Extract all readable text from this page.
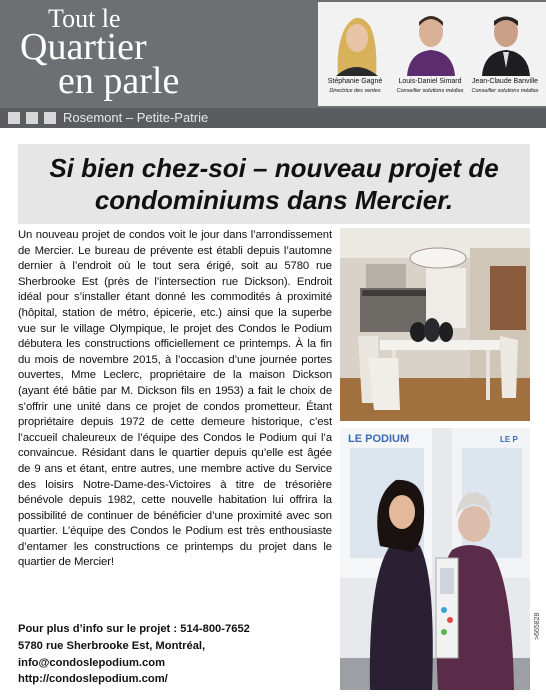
Tout le
Quartier
en parle	Stéphanie Gagné
Directrice des ventes
Louis-Daniel Simard
Conseiller solutions médias
Jean-Claude Banville
Conseiller solutions médias
Rosemont – Petite-Patrie
Si bien chez-soi – nouveau projet de
condominiums dans Mercier.

Un nouveau projet de condos voit le jour dans l’arrondissement de Mercier. Le bureau de prévente est établi depuis l’automne dernier à l’endroit où le tout sera érigé, soit au 5780 rue Sherbrooke Est (près de l’intersection rue Dickson). Endroit idéal pour s’installer étant donné les commodités à proximité (hôpital, station de métro, épicerie, etc.) ainsi que la superbe vue sur le village Olympique, le projet des Condos le Podium débutera les constructions officiellement ce printemps. À la fin du mois de novembre 2015, à l’occasion d’une journée portes ouvertes, Mme Leclerc, propriétaire de la maison Dickson (ayant été bâtie par M. Dickson fils en 1953) a fait le choix de s’offrir une unité dans ce projet de condos prometteur. Étant propriétaire depuis 1972 de cette demeure historique, c’est l’accueil chaleureux de l’équipe des Condos le Podium qui l’a convaincue. Résidant dans le quartier depuis qu’elle est âgée de 9 ans et étant, entre autres, une membre active du Service des loisirs Notre-Dame-des-Victoires à titre de trésorière bénévole depuis 1982, cette nouvelle habitation lui offrira la possibilité de continuer de bénéficier d’une proximité avec son quartier. L’équipe des Condos le Podium est très enthousiaste d’entamer les constructions ce printemps du projet dans le quartier de Mercier!

Pour plus d’info sur le projet : 514-800-7652
5780 rue Sherbrooke Est, Montréal,
info@condoslepodium.com
http://condoslepodium.com/
LE PODIUM	LE P
>665828
